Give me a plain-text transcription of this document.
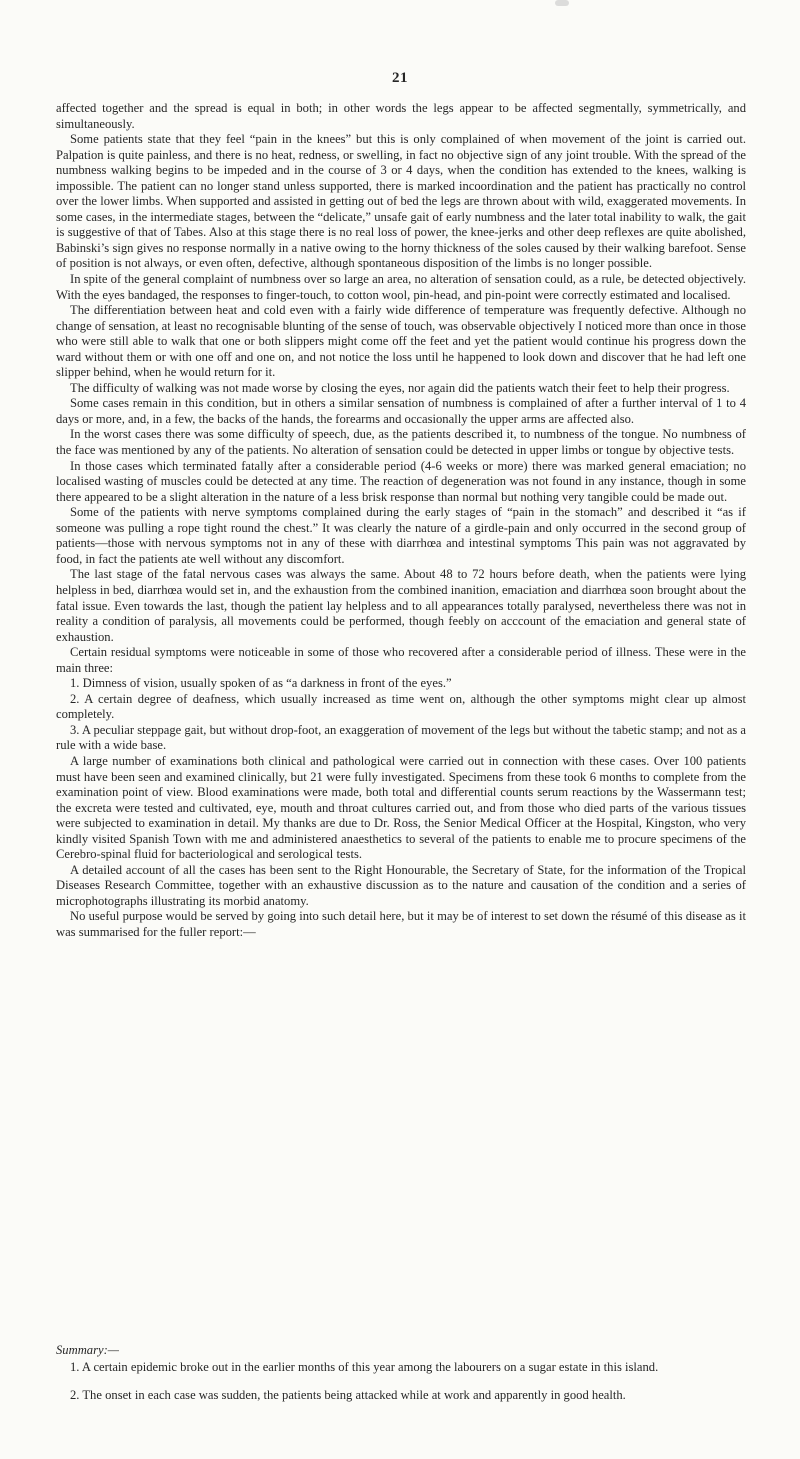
21

affected together and the spread is equal in both; in other words the legs appear to be affected segmentally, symmetrically, and simultaneously.

Some patients state that they feel “pain in the knees” but this is only complained of when movement of the joint is carried out. Palpation is quite painless, and there is no heat, redness, or swelling, in fact no objective sign of any joint trouble. With the spread of the numbness walking begins to be impeded and in the course of 3 or 4 days, when the condition has extended to the knees, walking is impossible. The patient can no longer stand unless supported, there is marked incoordination and the patient has practically no control over the lower limbs. When supported and assisted in getting out of bed the legs are thrown about with wild, exaggerated movements. In some cases, in the intermediate stages, between the “delicate,” unsafe gait of early numbness and the later total inability to walk, the gait is suggestive of that of Tabes. Also at this stage there is no real loss of power, the knee-jerks and other deep reflexes are quite abolished, Babinski’s sign gives no response normally in a native owing to the horny thickness of the soles caused by their walking barefoot. Sense of position is not always, or even often, defective, although spontaneous disposition of the limbs is no longer possible.

In spite of the general complaint of numbness over so large an area, no alteration of sensation could, as a rule, be detected objectively. With the eyes bandaged, the responses to finger-touch, to cotton wool, pin-head, and pin-point were correctly estimated and localised.

The differentiation between heat and cold even with a fairly wide difference of temperature was frequently defective. Although no change of sensation, at least no recognisable blunting of the sense of touch, was observable objectively I noticed more than once in those who were still able to walk that one or both slippers might come off the feet and yet the patient would continue his progress down the ward without them or with one off and one on, and not notice the loss until he happened to look down and discover that he had left one slipper behind, when he would return for it.

The difficulty of walking was not made worse by closing the eyes, nor again did the patients watch their feet to help their progress.

Some cases remain in this condition, but in others a similar sensation of numbness is complained of after a further interval of 1 to 4 days or more, and, in a few, the backs of the hands, the forearms and occasionally the upper arms are affected also.

In the worst cases there was some difficulty of speech, due, as the patients described it, to numbness of the tongue. No numbness of the face was mentioned by any of the patients. No alteration of sensation could be detected in upper limbs or tongue by objective tests.

In those cases which terminated fatally after a considerable period (4-6 weeks or more) there was marked general emaciation; no localised wasting of muscles could be detected at any time. The reaction of degeneration was not found in any instance, though in some there appeared to be a slight alteration in the nature of a less brisk response than normal but nothing very tangible could be made out.

Some of the patients with nerve symptoms complained during the early stages of “pain in the stomach” and described it “as if someone was pulling a rope tight round the chest.” It was clearly the nature of a girdle-pain and only occurred in the second group of patients—those with nervous symptoms not in any of these with diarrhœa and intestinal symptoms This pain was not aggravated by food, in fact the patients ate well without any discomfort.

The last stage of the fatal nervous cases was always the same. About 48 to 72 hours before death, when the patients were lying helpless in bed, diarrhœa would set in, and the exhaustion from the combined inanition, emaciation and diarrhœa soon brought about the fatal issue. Even towards the last, though the patient lay helpless and to all appearances totally paralysed, nevertheless there was not in reality a condition of paralysis, all movements could be performed, though feebly on acccount of the emaciation and general state of exhaustion.

Certain residual symptoms were noticeable in some of those who recovered after a considerable period of illness. These were in the main three:

1. Dimness of vision, usually spoken of as “a darkness in front of the eyes.”

2. A certain degree of deafness, which usually increased as time went on, although the other symptoms might clear up almost completely.

3. A peculiar steppage gait, but without drop-foot, an exaggeration of movement of the legs but without the tabetic stamp; and not as a rule with a wide base.

A large number of examinations both clinical and pathological were carried out in connection with these cases. Over 100 patients must have been seen and examined clinically, but 21 were fully investigated. Specimens from these took 6 months to complete from the examination point of view. Blood examinations were made, both total and differential counts serum reactions by the Wassermann test; the excreta were tested and cultivated, eye, mouth and throat cultures carried out, and from those who died parts of the various tissues were subjected to examination in detail. My thanks are due to Dr. Ross, the Senior Medical Officer at the Hospital, Kingston, who very kindly visited Spanish Town with me and administered anaesthetics to several of the patients to enable me to procure specimens of the Cerebro-spinal fluid for bacteriological and serological tests.

A detailed account of all the cases has been sent to the Right Honourable, the Secretary of State, for the information of the Tropical Diseases Research Committee, together with an exhaustive discussion as to the nature and causation of the condition and a series of microphotographs illustrating its morbid anatomy.

No useful purpose would be served by going into such detail here, but it may be of interest to set down the résumé of this disease as it was summarised for the fuller report:—

Summary:—

1. A certain epidemic broke out in the earlier months of this year among the labourers on a sugar estate in this island.

2. The onset in each case was sudden, the patients being attacked while at work and apparently in good health.
